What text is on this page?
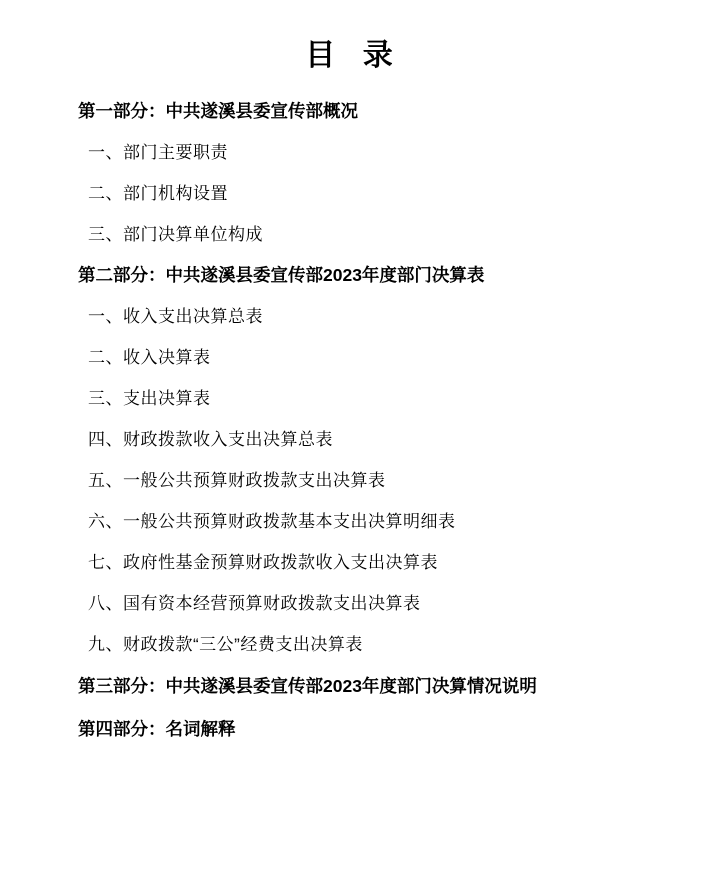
目 录
第一部分：中共遂溪县委宣传部概况
一、部门主要职责
二、部门机构设置
三、部门决算单位构成
第二部分：中共遂溪县委宣传部2023年度部门决算表
一、收入支出决算总表
二、收入决算表
三、支出决算表
四、财政拨款收入支出决算总表
五、一般公共预算财政拨款支出决算表
六、一般公共预算财政拨款基本支出决算明细表
七、政府性基金预算财政拨款收入支出决算表
八、国有资本经营预算财政拨款支出决算表
九、财政拨款“三公”经费支出决算表
第三部分：中共遂溪县委宣传部2023年度部门决算情况说明
第四部分：名词解释
